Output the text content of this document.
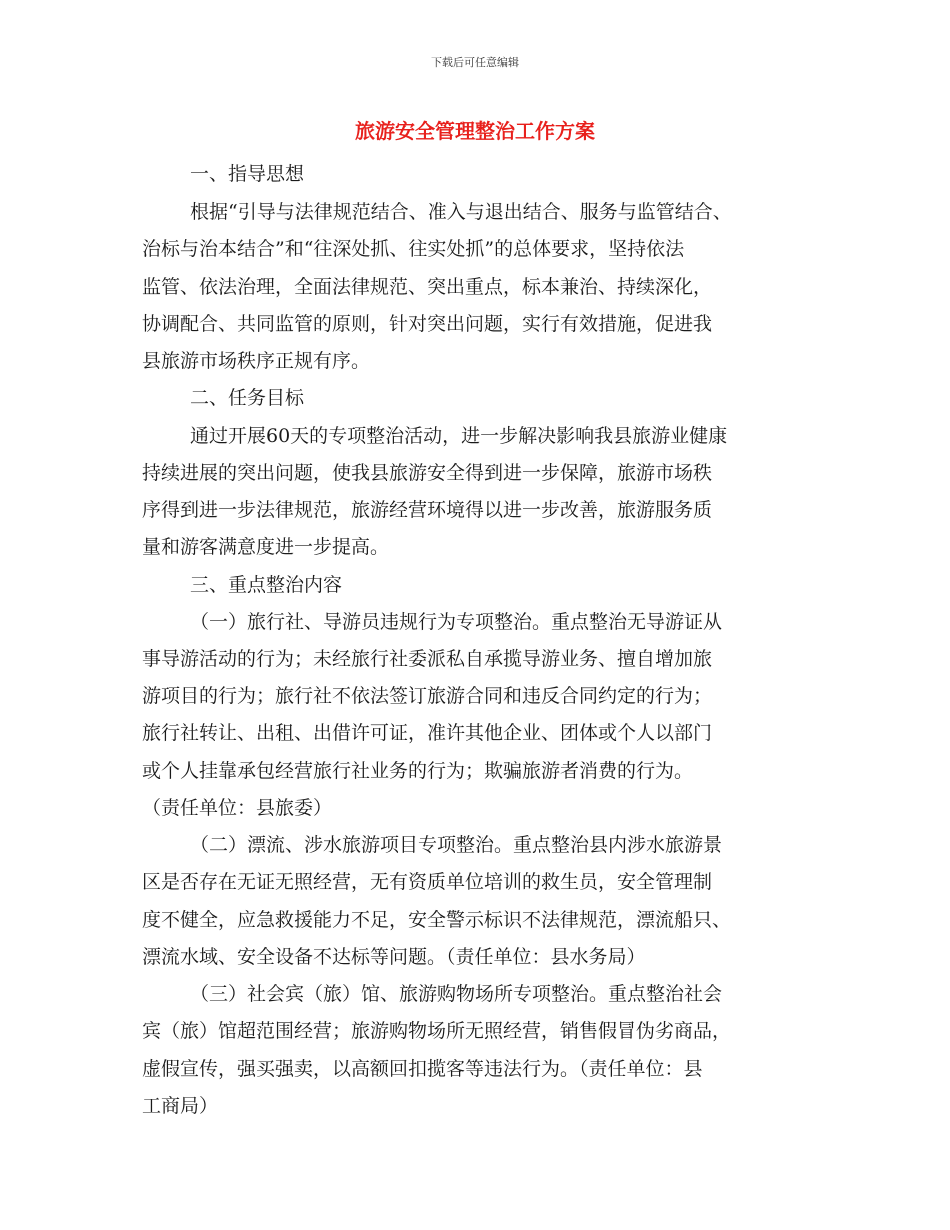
下载后可任意编辑
旅游安全管理整治工作方案
一、指导思想
根据“引导与法律规范结合、准入与退出结合、服务与监管结合、
治标与治本结合”和“往深处抓、往实处抓”的总体要求，坚持依法
监管、依法治理，全面法律规范、突出重点，标本兼治、持续深化，
协调配合、共同监管的原则，针对突出问题，实行有效措施，促进我
县旅游市场秩序正规有序。
二、任务目标
通过开展60天的专项整治活动，进一步解决影响我县旅游业健康
持续进展的突出问题，使我县旅游安全得到进一步保障，旅游市场秩
序得到进一步法律规范，旅游经营环境得以进一步改善，旅游服务质
量和游客满意度进一步提高。
三、重点整治内容
（一）旅行社、导游员违规行为专项整治。重点整治无导游证从
事导游活动的行为；未经旅行社委派私自承揽导游业务、擅自增加旅
游项目的行为；旅行社不依法签订旅游合同和违反合同约定的行为；
旅行社转让、出租、出借许可证，准许其他企业、团体或个人以部门
或个人挂靠承包经营旅行社业务的行为；欺骗旅游者消费的行为。
（责任单位：县旅委）
（二）漂流、涉水旅游项目专项整治。重点整治县内涉水旅游景
区是否存在无证无照经营，无有资质单位培训的救生员，安全管理制
度不健全，应急救援能力不足，安全警示标识不法律规范，漂流船只、
漂流水域、安全设备不达标等问题。（责任单位：县水务局）
（三）社会宾（旅）馆、旅游购物场所专项整治。重点整治社会
宾（旅）馆超范围经营；旅游购物场所无照经营，销售假冒伪劣商品，
虚假宣传，强买强卖，以高额回扣揽客等违法行为。（责任单位：县
工商局）
